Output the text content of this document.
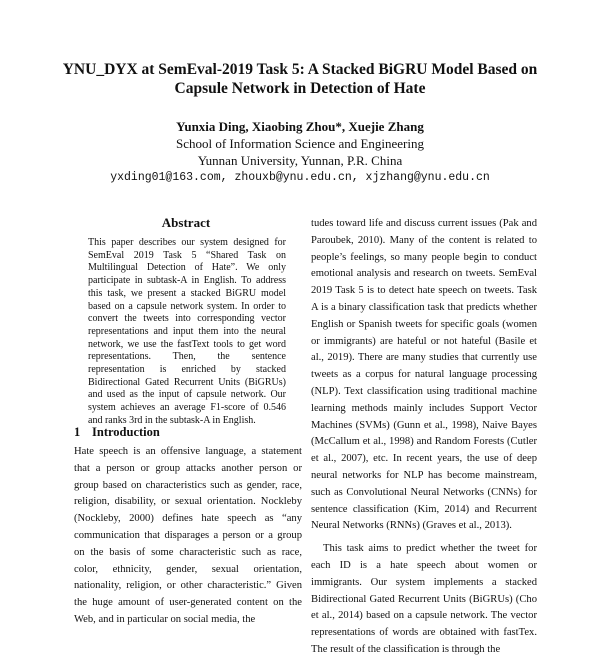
YNU_DYX at SemEval-2019 Task 5: A Stacked BiGRU Model Based on
Capsule Network in Detection of Hate
Yunxia Ding, Xiaobing Zhou*, Xuejie Zhang
School of Information Science and Engineering
Yunnan University, Yunnan, P.R. China
yxding01@163.com, zhouxb@ynu.edu.cn, xjzhang@ynu.edu.cn
Abstract
This paper describes our system designed for SemEval 2019 Task 5 “Shared Task on Multilingual Detection of Hate”. We only participate in subtask-A in English. To address this task, we present a stacked BiGRU model based on a capsule network system. In order to convert the tweets into corresponding vector representations and input them into the neural network, we use the fastText tools to get word representations. Then, the sentence representation is enriched by stacked Bidirectional Gated Recurrent Units (BiGRUs) and used as the input of capsule network. Our system achieves an average F1-score of 0.546 and ranks 3rd in the subtask-A in English.
1 Introduction

Hate speech is an offensive language, a statement that a person or group attacks another person or group based on characteristics such as gender, race, religion, disability, or sexual orientation. Nockleby (Nockleby, 2000) defines hate speech as “any communication that disparages a person or a group on the basis of some characteristic such as race, color, ethnicity, gender, sexual orientation, nationality, religion, or other characteristic.” Given the huge amount of user-generated content on the Web, and in particular on social media, the

tudes toward life and discuss current issues (Pak and Paroubek, 2010). Many of the content is related to people’s feelings, so many people begin to conduct emotional analysis and research on tweets. SemEval 2019 Task 5 is to detect hate speech on tweets. Task A is a binary classification task that predicts whether English or Spanish tweets for specific goals (women or immigrants) are hateful or not hateful (Basile et al., 2019). There are many studies that currently use tweets as a corpus for natural language processing (NLP). Text classification using traditional machine learning methods mainly includes Support Vector Machines (SVMs) (Gunn et al., 1998), Naive Bayes (McCallum et al., 1998) and Random Forests (Cutler et al., 2007), etc. In recent years, the use of deep neural networks for NLP has become mainstream, such as Convolutional Neural Networks (CNNs) for sentence classification (Kim, 2014) and Recurrent Neural Networks (RNNs) (Graves et al., 2013).

This task aims to predict whether the tweet for each ID is a hate speech about women or immigrants. Our system implements a stacked Bidirectional Gated Recurrent Units (BiGRUs) (Cho et al., 2014) based on a capsule network. The vector representations of words are obtained with fastTex. The result of the classification is through the
